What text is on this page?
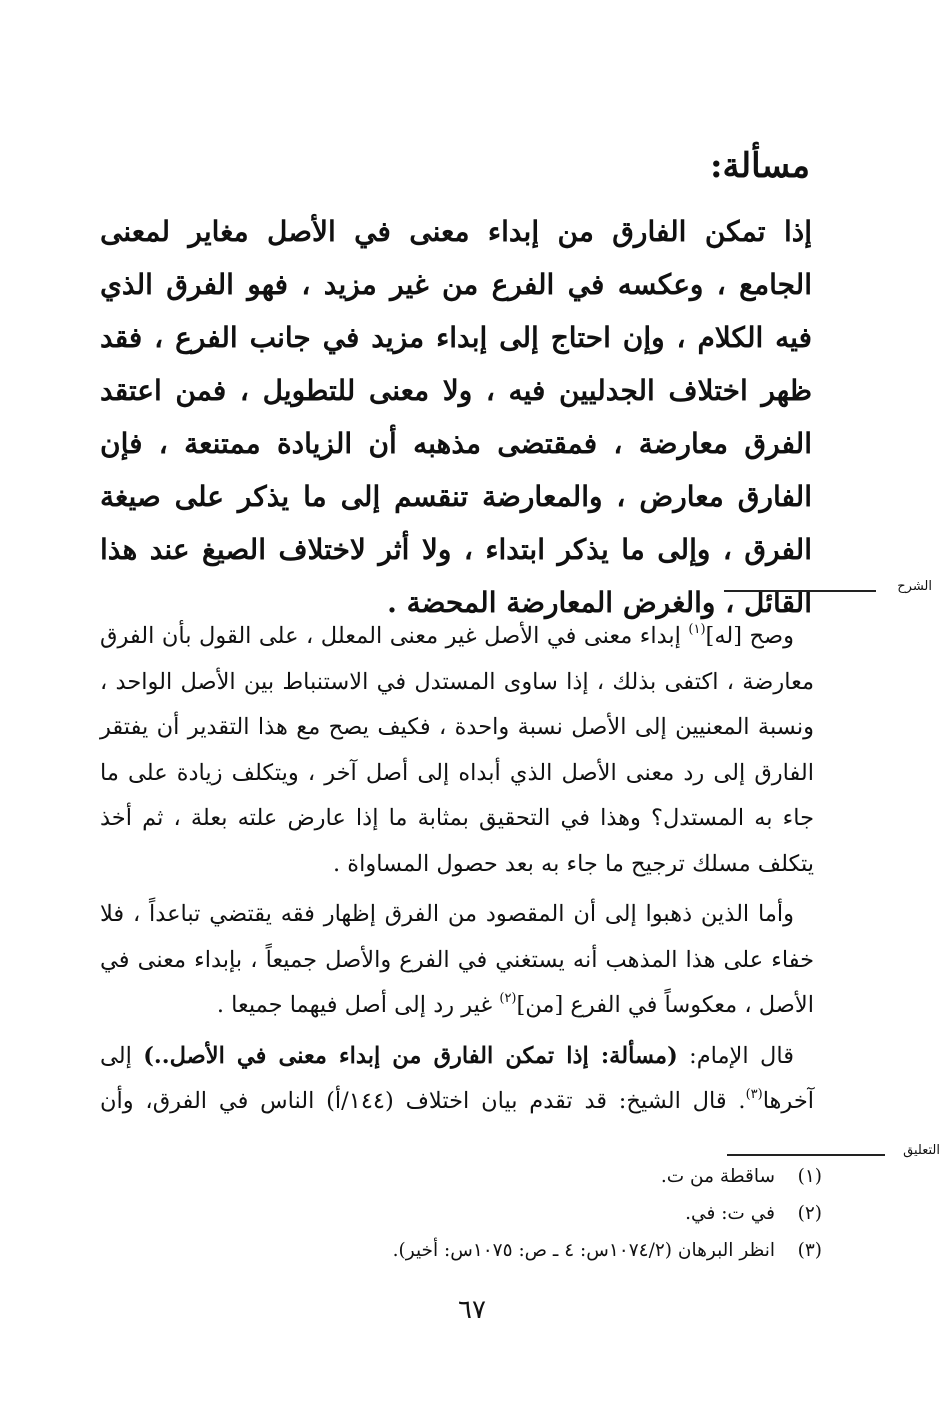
مسألة:

إذا تمكن الفارق من إبداء معنى في الأصل مغاير لمعنى الجامع ، وعكسه في الفرع من غير مزيد ، فهو الفرق الذي فيه الكلام ، وإن احتاج إلى إبداء مزيد في جانب الفرع ، فقد ظهر اختلاف الجدليين فيه ، ولا معنى للتطويل ، فمن اعتقد الفرق معارضة ، فمقتضى مذهبه أن الزيادة ممتنعة ، فإن الفارق معارض ، والمعارضة تنقسم إلى ما يذكر على صيغة الفرق ، وإلى ما يذكر ابتداء ، ولا أثر لاختلاف الصيغ عند هذا القائل ، والغرض المعارضة المحضة .	الشرح

وصح [له]$^{(١)}$ إبداء معنى في الأصل غير معنى المعلل ، على القول بأن الفرق معارضة ، اكتفى بذلك ، إذا ساوى المستدل في الاستنباط بين الأصل الواحد ، ونسبة المعنيين إلى الأصل نسبة واحدة ، فكيف يصح مع هذا التقدير أن يفتقر الفارق إلى رد معنى الأصل الذي أبداه إلى أصل آخر ، ويتكلف زيادة على ما جاء به المستدل؟ وهذا في التحقيق بمثابة ما إذا عارض علته بعلة ، ثم أخذ يتكلف مسلك ترجيح ما جاء به بعد حصول المساواة .

وأما الذين ذهبوا إلى أن المقصود من الفرق إظهار فقه يقتضي تباعداً ، فلا خفاء على هذا المذهب أنه يستغني في الفرع والأصل جميعاً ، بإبداء معنى في الأصل ، معكوساً في الفرع [من]$^{(٢)}$ غير رد إلى أصل فيهما جميعا .

قال الإمام: (مسألة: إذا تمكن الفارق من إبداء معنى في الأصل..) إلى آخرها$^{(٣)}$. قال الشيخ: قد تقدم بيان اختلاف (١٤٤/أ) الناس في الفرق، وأن

التعليق
(١)
ساقطة من ت.
(٢)
في ت: في.
(٣)
انظر البرهان (١٠٧٤/٢س: ٤ ـ ص: ١٠٧٥س: أخير).
٦٧
